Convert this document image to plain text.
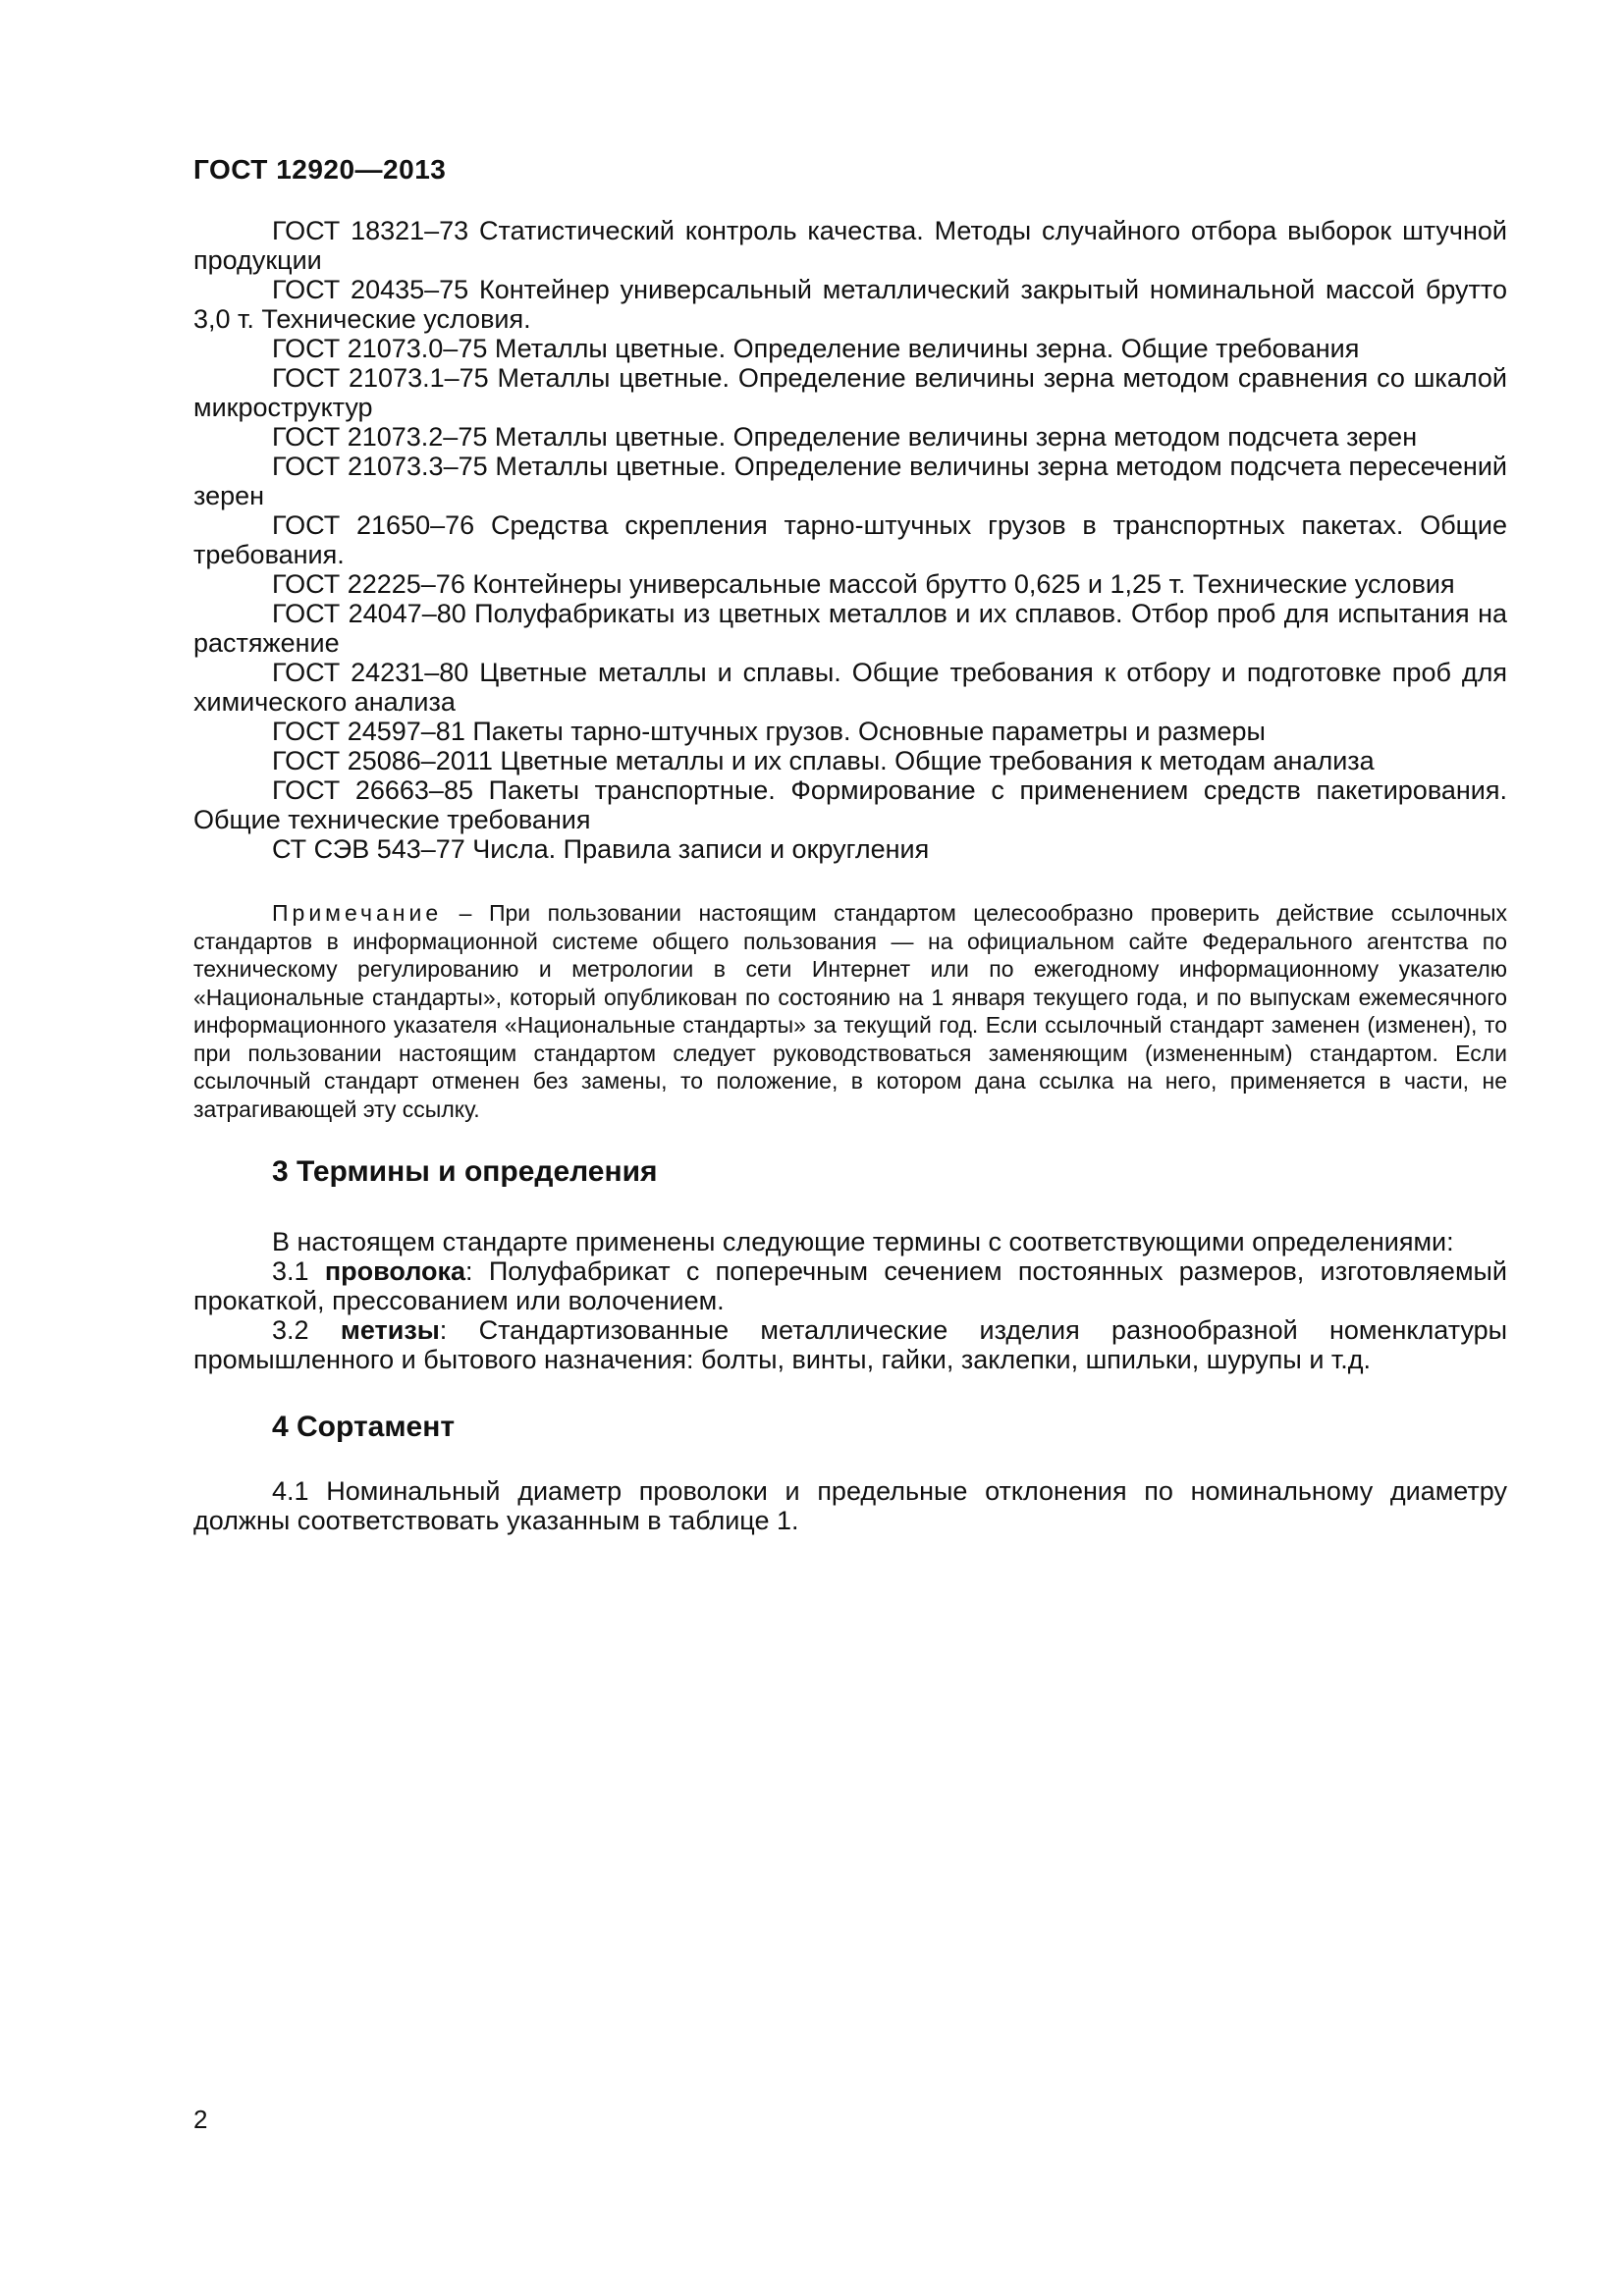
ГОСТ 12920—2013

ГОСТ 18321–73 Статистический контроль качества. Методы случайного отбора выборок штучной продукции

ГОСТ 20435–75 Контейнер универсальный металлический закрытый номинальной массой брутто 3,0 т. Технические условия.

ГОСТ 21073.0–75 Металлы цветные. Определение величины зерна. Общие требования

ГОСТ 21073.1–75 Металлы цветные. Определение величины зерна методом сравнения со шкалой микроструктур

ГОСТ 21073.2–75 Металлы цветные. Определение величины зерна методом подсчета зерен

ГОСТ 21073.3–75 Металлы цветные. Определение величины зерна методом подсчета пересечений зерен

ГОСТ 21650–76 Средства скрепления тарно-штучных грузов в транспортных пакетах. Общие требования.

ГОСТ 22225–76 Контейнеры универсальные массой брутто 0,625 и 1,25 т. Технические условия

ГОСТ 24047–80 Полуфабрикаты из цветных металлов и их сплавов. Отбор проб для испытания на растяжение

ГОСТ 24231–80 Цветные металлы и сплавы. Общие требования к отбору и подготовке проб для химического анализа

ГОСТ 24597–81 Пакеты тарно-штучных грузов. Основные параметры и размеры

ГОСТ 25086–2011 Цветные металлы и их сплавы. Общие требования к методам анализа

ГОСТ 26663–85 Пакеты транспортные. Формирование с применением средств пакетирования. Общие технические требования

СТ СЭВ 543–77 Числа. Правила записи и округления

Примечание – При пользовании настоящим стандартом целесообразно проверить действие ссылочных стандартов в информационной системе общего пользования — на официальном сайте Федерального агентства по техническому регулированию и метрологии в сети Интернет или по ежегодному информационному указателю «Национальные стандарты», который опубликован по состоянию на 1 января текущего года, и по выпускам ежемесячного информационного указателя «Национальные стандарты» за текущий год. Если ссылочный стандарт заменен (изменен), то при пользовании настоящим стандартом следует руководствоваться заменяющим (измененным) стандартом. Если ссылочный стандарт отменен без замены, то положение, в котором дана ссылка на него, применяется в части, не затрагивающей эту ссылку.

3 Термины и определения

В настоящем стандарте применены следующие термины с соответствующими определениями:

3.1 проволока: Полуфабрикат с поперечным сечением постоянных размеров, изготовляемый прокаткой, прессованием или волочением.

3.2 метизы: Стандартизованные металлические изделия разнообразной номенклатуры промышленного и бытового назначения: болты, винты, гайки, заклепки, шпильки, шурупы и т.д.

4 Сортамент

4.1 Номинальный диаметр проволоки и предельные отклонения по номинальному диаметру должны соответствовать указанным в таблице 1.

2
